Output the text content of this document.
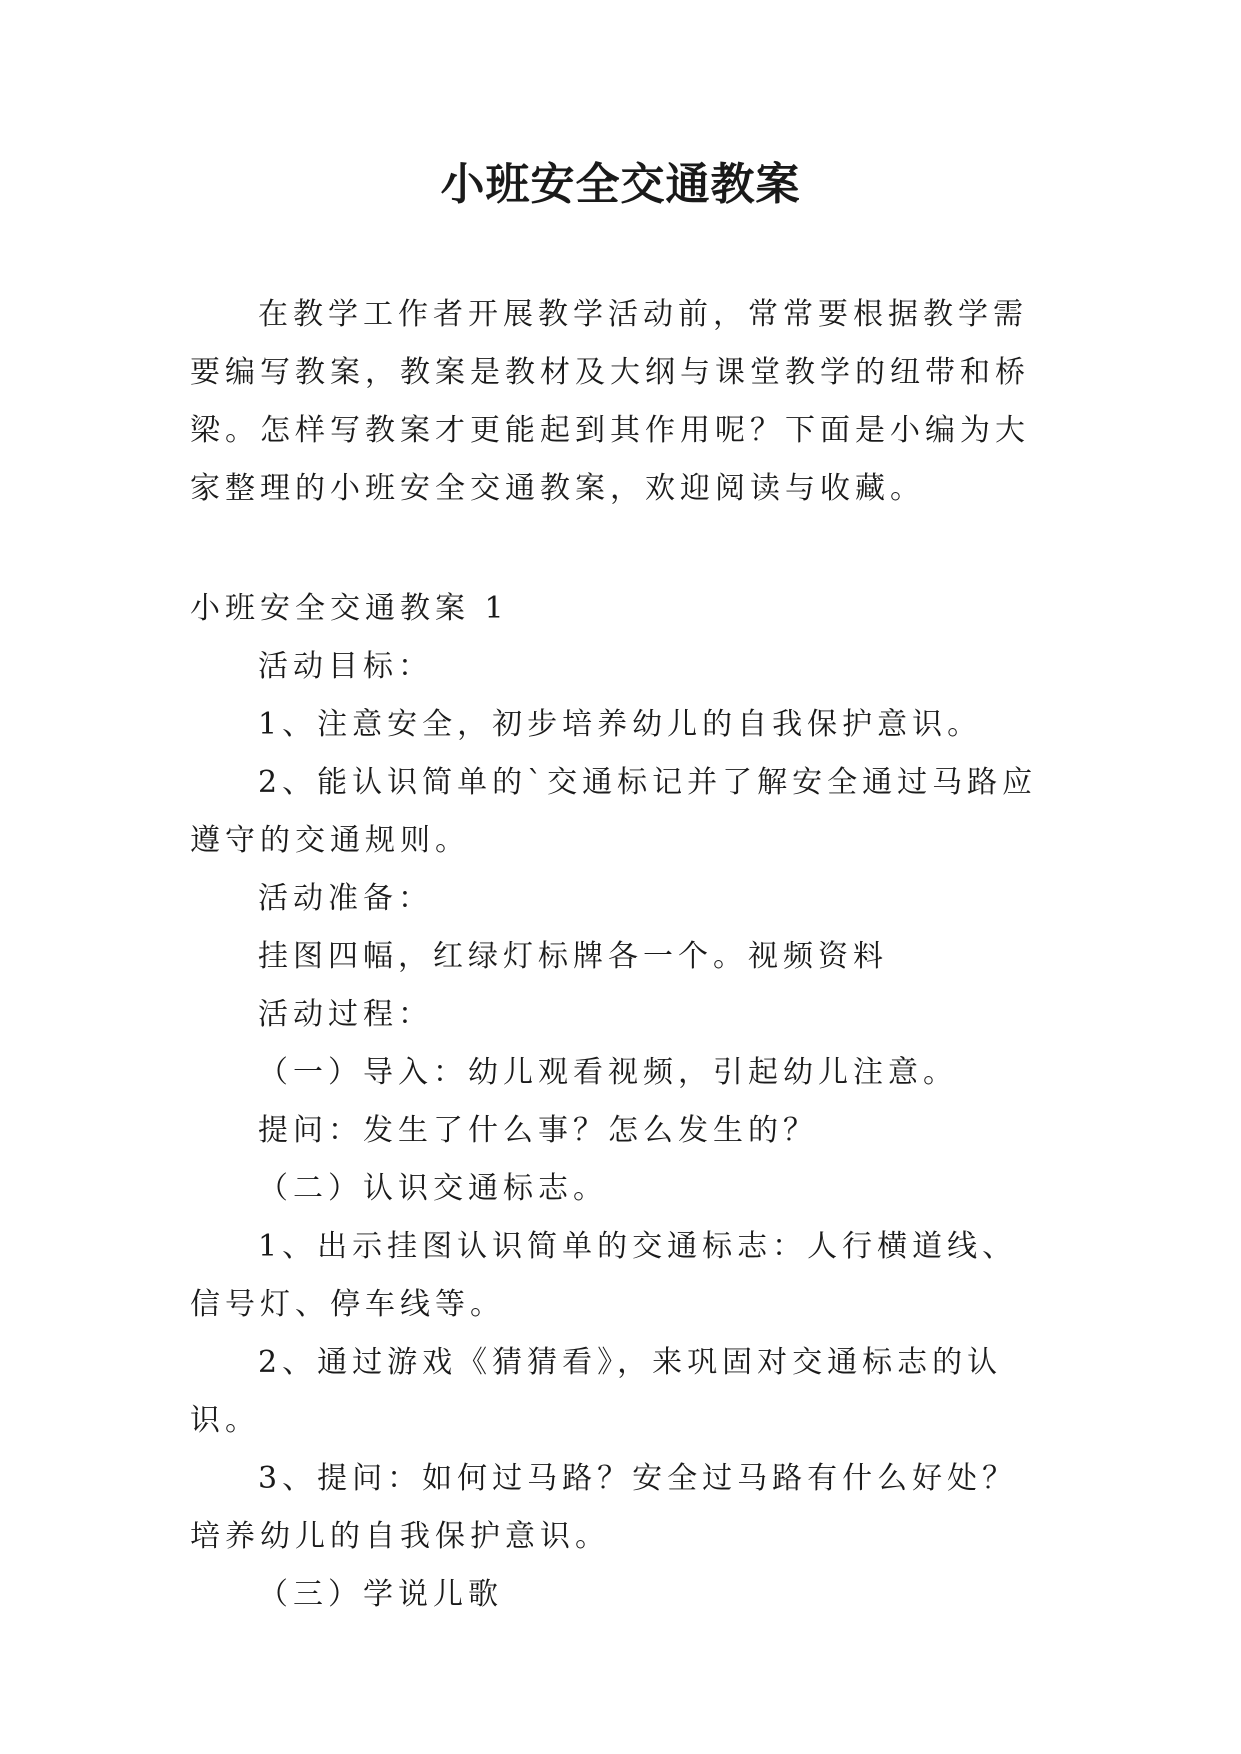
小班安全交通教案

在教学工作者开展教学活动前，常常要根据教学需要编写教案，教案是教材及大纲与课堂教学的纽带和桥梁。怎样写教案才更能起到其作用呢？下面是小编为大家整理的小班安全交通教案，欢迎阅读与收藏。

小班安全交通教案 1

活动目标：

1、注意安全，初步培养幼儿的自我保护意识。

2、能认识简单的`交通标记并了解安全通过马路应遵守的交通规则。

活动准备：

挂图四幅，红绿灯标牌各一个。视频资料

活动过程：

（一）导入：幼儿观看视频，引起幼儿注意。

提问：发生了什么事？怎么发生的？

（二）认识交通标志。

1、出示挂图认识简单的交通标志：人行横道线、信号灯、停车线等。

2、通过游戏《猜猜看》，来巩固对交通标志的认识。

3、提问：如何过马路？安全过马路有什么好处？培养幼儿的自我保护意识。

（三）学说儿歌
